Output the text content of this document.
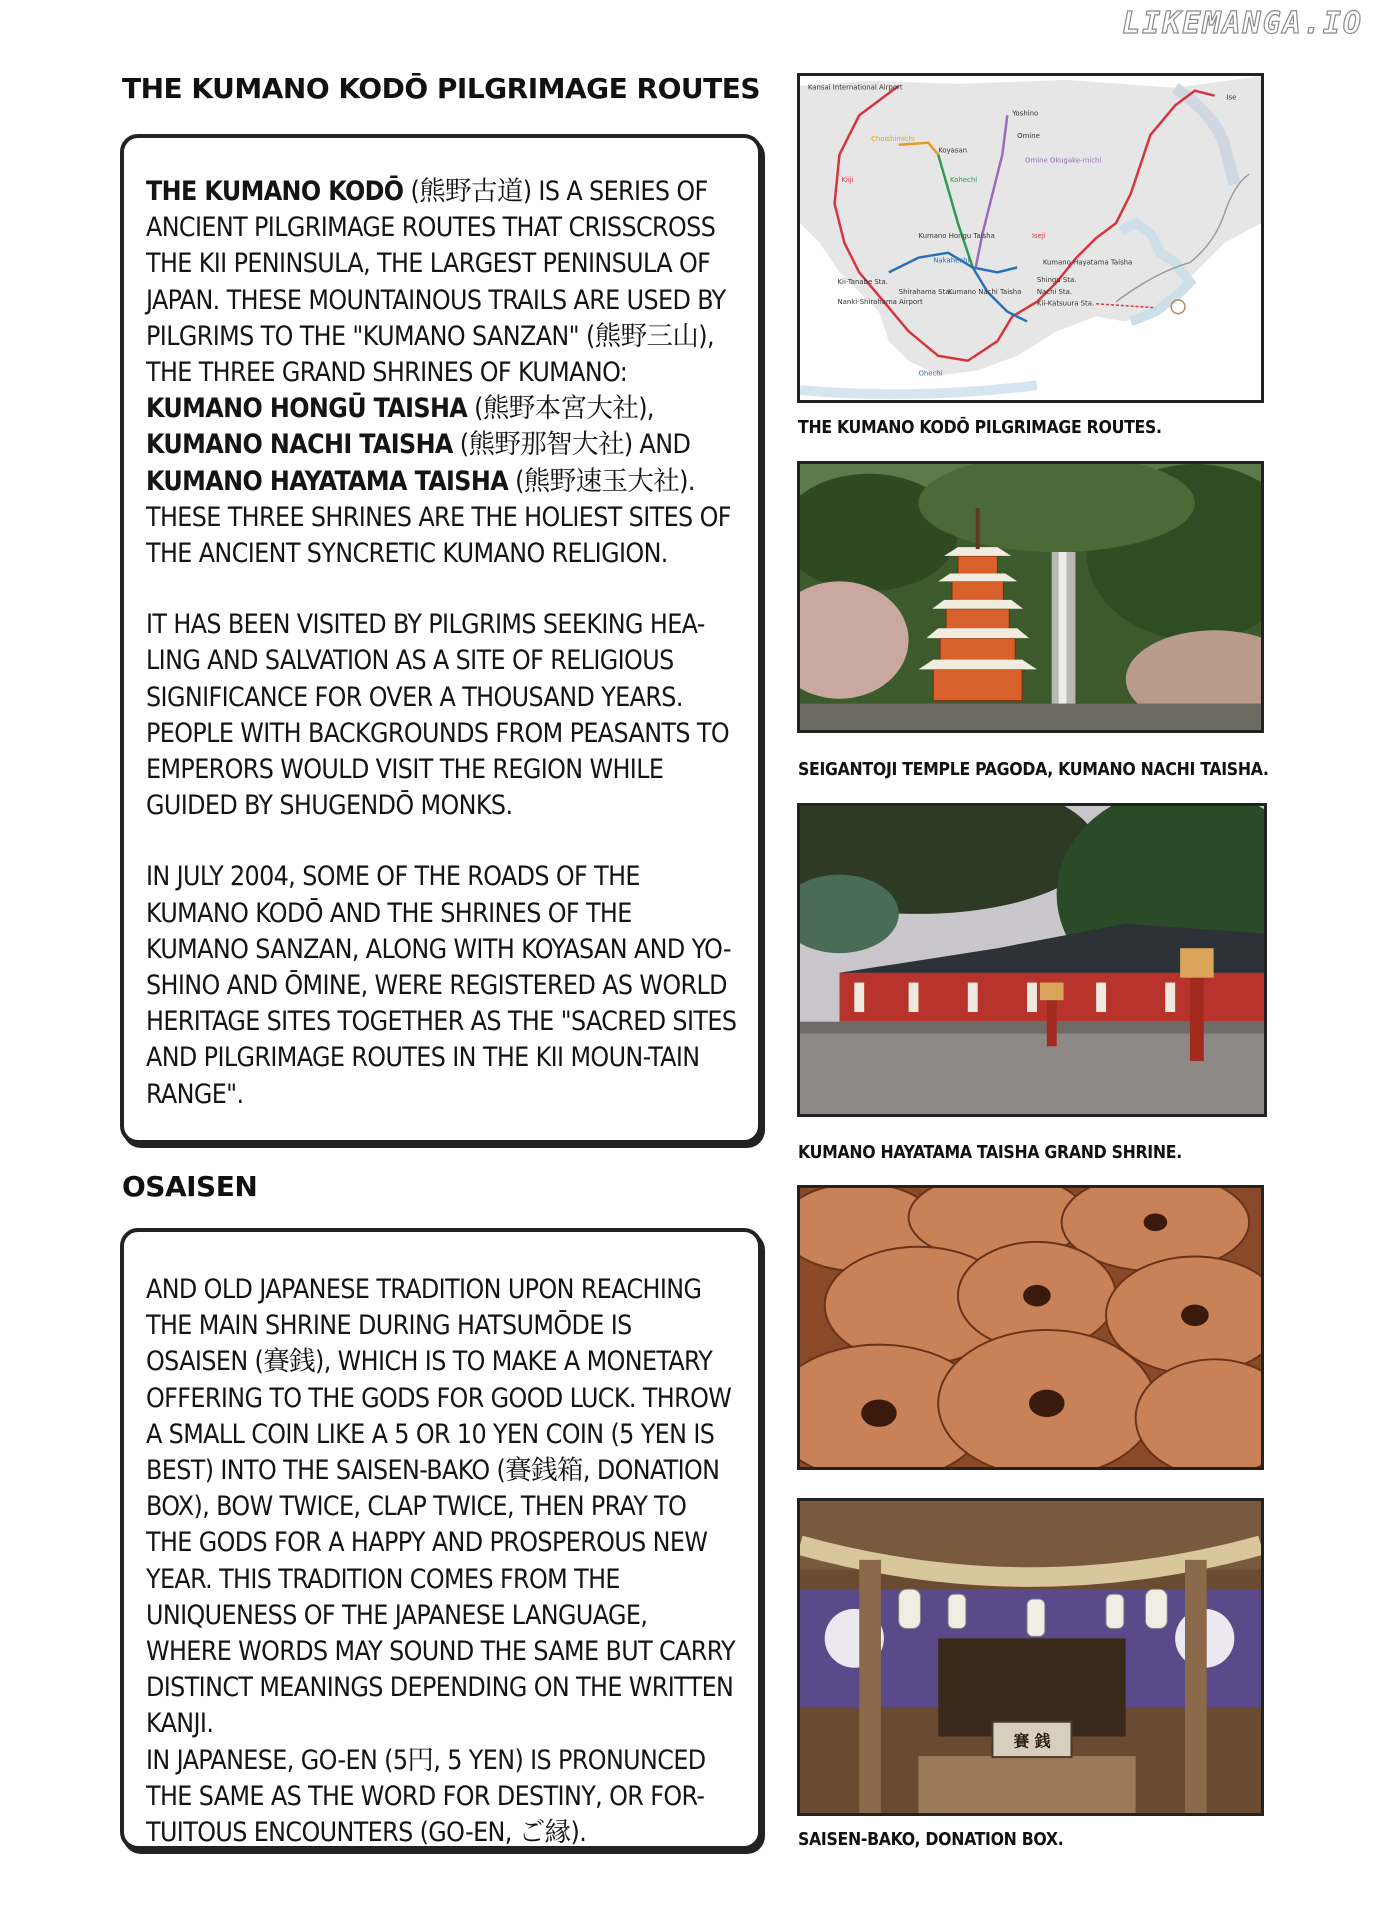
LIKEMANGA.IO
THE KUMANO KODŌ PILGRIMAGE ROUTES

THE KUMANO KODŌ (熊野古道) IS A SERIES OF ANCIENT PILGRIMAGE ROUTES THAT CRISSCROSS THE KII PENINSULA, THE LARGEST PENINSULA OF JAPAN. THESE MOUNTAINOUS TRAILS ARE USED BY PILGRIMS TO THE "KUMANO SANZAN" (熊野三山), THE THREE GRAND SHRINES OF KUMANO: KUMANO HONGŪ TAISHA (熊野本宮大社), KUMANO NACHI TAISHA (熊野那智大社) AND KUMANO HAYATAMA TAISHA (熊野速玉大社). THESE THREE SHRINES ARE THE HOLIEST SITES OF THE ANCIENT SYNCRETIC KUMANO RELIGION.

IT HAS BEEN VISITED BY PILGRIMS SEEKING HEA-LING AND SALVATION AS A SITE OF RELIGIOUS SIGNIFICANCE FOR OVER A THOUSAND YEARS. PEOPLE WITH BACKGROUNDS FROM PEASANTS TO EMPERORS WOULD VISIT THE REGION WHILE GUIDED BY SHUGENDŌ MONKS.

IN JULY 2004, SOME OF THE ROADS OF THE KUMANO KODŌ AND THE SHRINES OF THE KUMANO SANZAN, ALONG WITH KOYASAN AND YO-SHINO AND ŌMINE, WERE REGISTERED AS WORLD HERITAGE SITES TOGETHER AS THE "SACRED SITES AND PILGRIMAGE ROUTES IN THE KII MOUN-TAIN RANGE".

OSAISEN

AND OLD JAPANESE TRADITION UPON REACHING THE MAIN SHRINE DURING HATSUMŌDE IS OSAISEN (賽銭), WHICH IS TO MAKE A MONETARY OFFERING TO THE GODS FOR GOOD LUCK. THROW A SMALL COIN LIKE A 5 OR 10 YEN COIN (5 YEN IS BEST) INTO THE SAISEN-BAKO (賽銭箱, DONATION BOX), BOW TWICE, CLAP TWICE, THEN PRAY TO THE GODS FOR A HAPPY AND PROSPEROUS NEW YEAR. THIS TRADITION COMES FROM THE UNIQUENESS OF THE JAPANESE LANGUAGE, WHERE WORDS MAY SOUND THE SAME BUT CARRY DISTINCT MEANINGS DEPENDING ON THE WRITTEN KANJI.

IN JAPANESE, GO-EN (5円, 5 YEN) IS PRONUNCED THE SAME AS THE WORD FOR DESTINY, OR FOR-TUITOUS ENCOUNTERS (GO-EN, ご縁).

Kansai International Airport
Ise
Yoshino
Omine
Omine Okugake-michi
Choishimichi
Koyasan
Kohechi
Kiiji
Kumano Hongu Taisha	Iseji
Nakahechi
Kii-Tanabe Sta.
Shirahama Sta.
Nanki-Shirahama Airport
Kumano Nachi Taisha
Kumano Hayatama Taisha
Shingu Sta.
Nachi Sta.
Kii-Katsuura Sta.
Ohechi
THE KUMANO KODŌ PILGRIMAGE ROUTES.
SEIGANTOJI TEMPLE PAGODA, KUMANO NACHI TAISHA.
KUMANO HAYATAMA TAISHA GRAND SHRINE.
賽 銭
SAISEN-BAKO, DONATION BOX.
